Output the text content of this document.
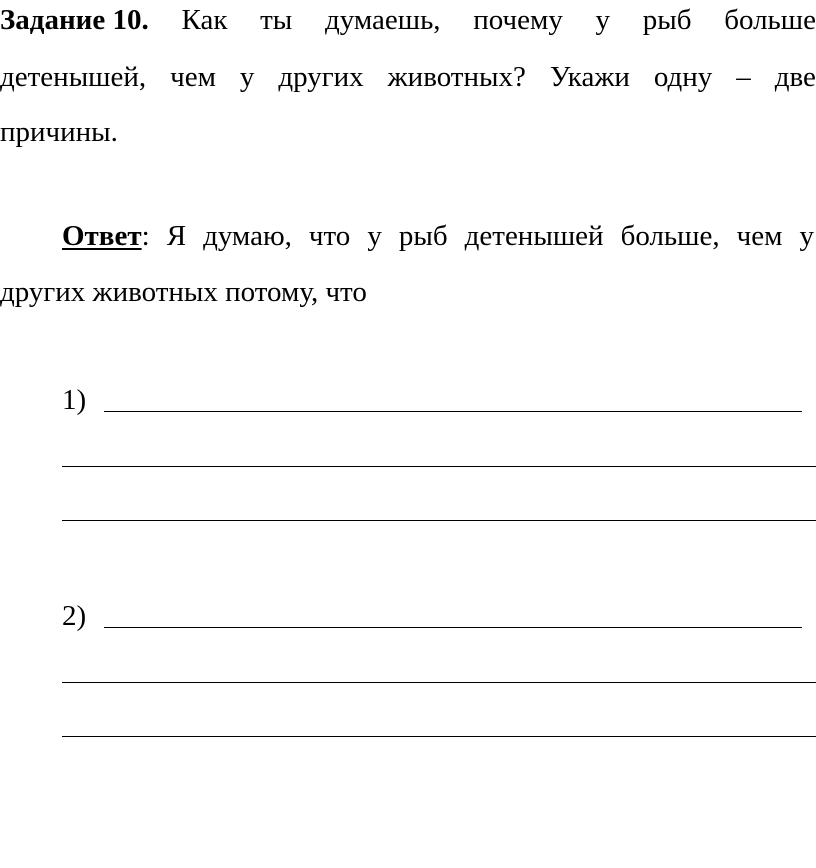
Задание 10. Как ты думаешь, почему у рыб больше
детенышей, чем у других животных? Укажи одну – две
причины.
Ответ: Я думаю, что у рыб детенышей больше, чем у
других животных потому, что
1)
2)
